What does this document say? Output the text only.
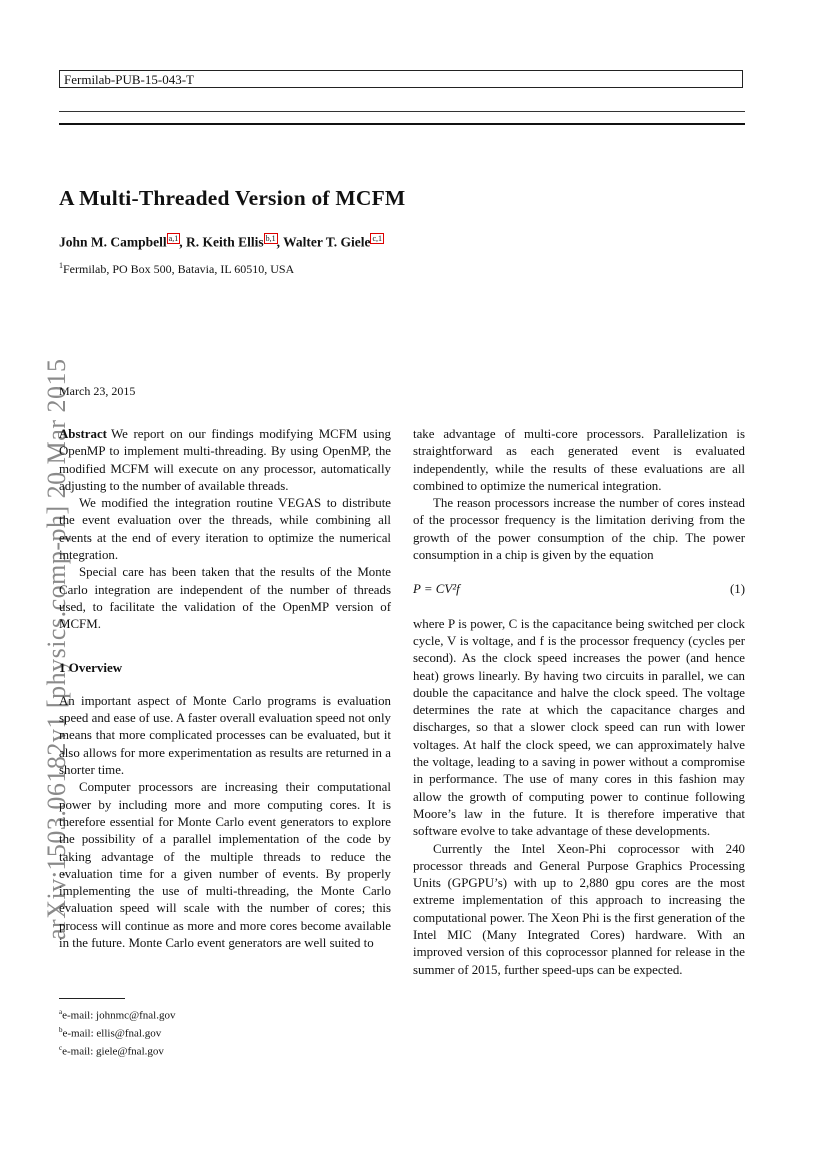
Fermilab-PUB-15-043-T
A Multi-Threaded Version of MCFM
John M. Campbell $^{a,1}$, R. Keith Ellis $^{b,1}$, Walter T. Giele $^{c,1}$
$^1$Fermilab, PO Box 500, Batavia, IL 60510, USA
arXiv:1503.06182v1 [physics.comp-ph] 20 Mar 2015
March 23, 2015

Abstract We report on our findings modifying MCFM using OpenMP to implement multi-threading. By using OpenMP, the modified MCFM will execute on any processor, automatically adjusting to the number of available threads.

We modified the integration routine VEGAS to distribute the event evaluation over the threads, while combining all events at the end of every iteration to optimize the numerical integration.

Special care has been taken that the results of the Monte Carlo integration are independent of the number of threads used, to facilitate the validation of the OpenMP version of MCFM.

1 Overview

An important aspect of Monte Carlo programs is evaluation speed and ease of use. A faster overall evaluation speed not only means that more complicated processes can be evaluated, but it also allows for more experimentation as results are returned in a shorter time.

Computer processors are increasing their computational power by including more and more computing cores. It is therefore essential for Monte Carlo event generators to explore the possibility of a parallel implementation of the code by taking advantage of the multiple threads to reduce the evaluation time for a given number of events. By properly implementing the use of multi-threading, the Monte Carlo evaluation speed will scale with the number of cores; this process will continue as more and more cores become available in the future. Monte Carlo event generators are well suited to

take advantage of multi-core processors. Parallelization is straightforward as each generated event is evaluated independently, while the results of these evaluations are all combined to optimize the numerical integration.

The reason processors increase the number of cores instead of the processor frequency is the limitation deriving from the growth of the power consumption of the chip. The power consumption in a chip is given by the equation

P = CV²f	(1)

where P is power, C is the capacitance being switched per clock cycle, V is voltage, and f is the processor frequency (cycles per second). As the clock speed increases the power (and hence heat) grows linearly. By having two circuits in parallel, we can double the capacitance and halve the clock speed. The voltage determines the rate at which the capacitance charges and discharges, so that a slower clock speed can run with lower voltages. At half the clock speed, we can approximately halve the voltage, leading to a saving in power without a compromise in performance. The use of many cores in this fashion may allow the growth of computing power to continue following Moore’s law in the future. It is therefore imperative that software evolve to take advantage of these developments.

Currently the Intel Xeon-Phi coprocessor with 240 processor threads and General Purpose Graphics Processing Units (GPGPU’s) with up to 2,880 gpu cores are the most extreme implementation of this approach to increasing the computational power. The Xeon Phi is the first generation of the Intel MIC (Many Integrated Cores) hardware. With an improved version of this coprocessor planned for release in the summer of 2015, further speed-ups can be expected.

$^a$e-mail: johnmc@fnal.gov
$^b$e-mail: ellis@fnal.gov
$^c$e-mail: giele@fnal.gov
